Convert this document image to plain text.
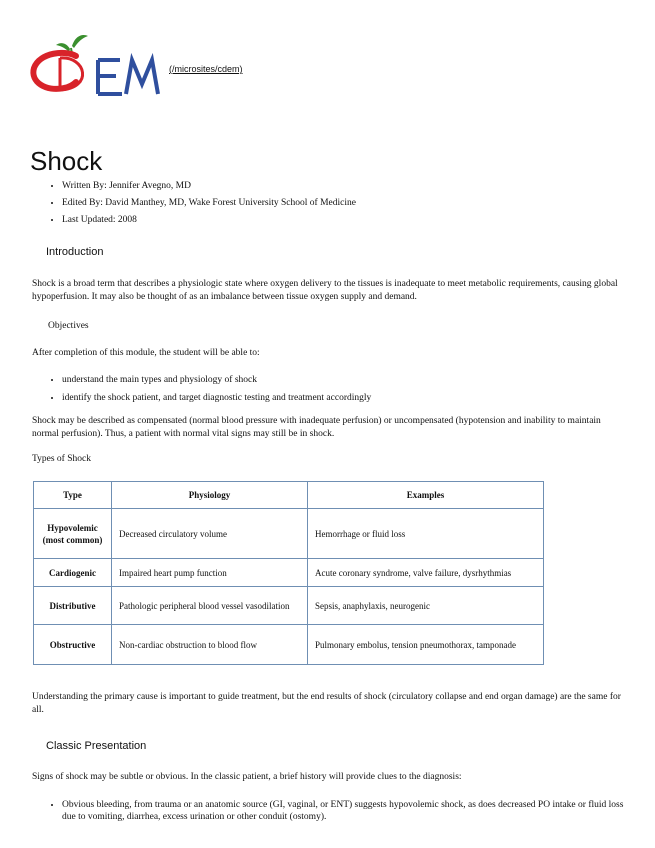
(/microsites/cdem)
Shock
• Written By: Jennifer Avegno, MD
• Edited By: David Manthey, MD, Wake Forest University School of Medicine
• Last Updated: 2008
Introduction

Shock is a broad term that describes a physiologic state where oxygen delivery to the tissues is inadequate to meet metabolic requirements, causing global hypoperfusion. It may also be thought of as an imbalance between tissue oxygen supply and demand.

Objectives

After completion of this module, the student will be able to:

• understand the main types and physiology of shock
• identify the shock patient, and target diagnostic testing and treatment accordingly

Shock may be described as compensated (normal blood pressure with inadequate perfusion) or uncompensated (hypotension and inability to maintain normal perfusion). Thus, a patient with normal vital signs may still be in shock.

Types of Shock

Type	Physiology	Examples
Hypovolemic (most common)	Decreased circulatory volume	Hemorrhage or fluid loss
Cardiogenic	Impaired heart pump function	Acute coronary syndrome, valve failure, dysrhythmias
Distributive	Pathologic peripheral blood vessel vasodilation	Sepsis, anaphylaxis, neurogenic
Obstructive	Non-cardiac obstruction to blood flow	Pulmonary embolus, tension pneumothorax, tamponade

Understanding the primary cause is important to guide treatment, but the end results of shock (circulatory collapse and end organ damage) are the same for all.

Classic Presentation

Signs of shock may be subtle or obvious. In the classic patient, a brief history will provide clues to the diagnosis:

• Obvious bleeding, from trauma or an anatomic source (GI, vaginal, or ENT) suggests hypovolemic shock, as does decreased PO intake or fluid loss due to vomiting, diarrhea, excess urination or other conduit (ostomy).
